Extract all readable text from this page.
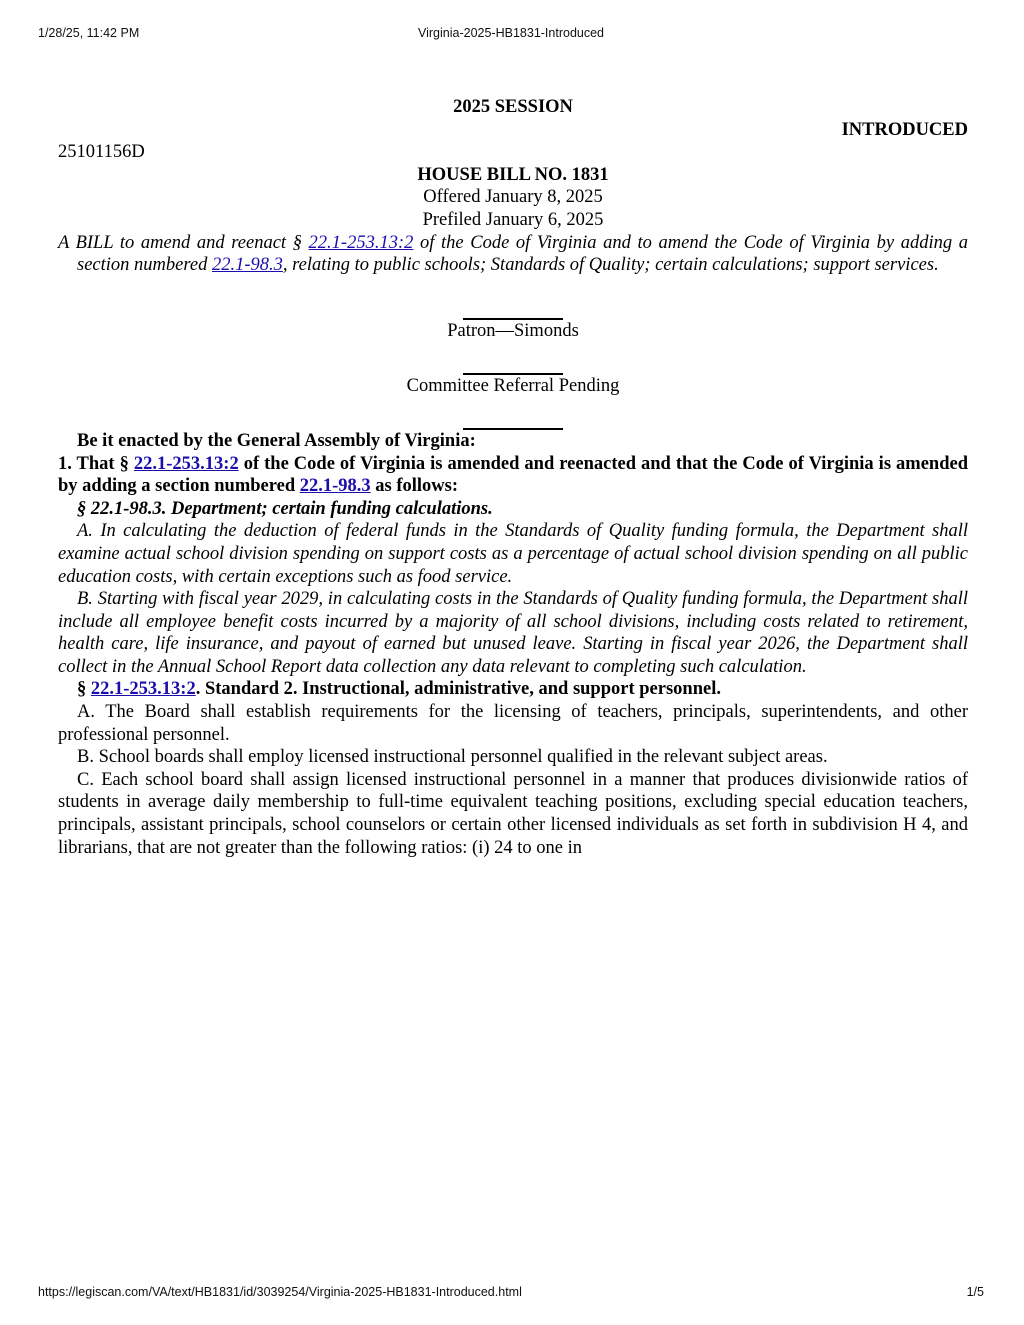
1/28/25, 11:42 PM	Virginia-2025-HB1831-Introduced

2025 SESSION

INTRODUCED

25101156D

HOUSE BILL NO. 1831

Offered January 8, 2025

Prefiled January 6, 2025

A BILL to amend and reenact § 22.1-253.13:2 of the Code of Virginia and to amend the Code of Virginia by adding a section numbered 22.1-98.3, relating to public schools; Standards of Quality; certain calculations; support services.

Patron—Simonds

Committee Referral Pending

Be it enacted by the General Assembly of Virginia:

1. That § 22.1-253.13:2 of the Code of Virginia is amended and reenacted and that the Code of Virginia is amended by adding a section numbered 22.1-98.3 as follows:

§ 22.1-98.3. Department; certain funding calculations.

A. In calculating the deduction of federal funds in the Standards of Quality funding formula, the Department shall examine actual school division spending on support costs as a percentage of actual school division spending on all public education costs, with certain exceptions such as food service.

B. Starting with fiscal year 2029, in calculating costs in the Standards of Quality funding formula, the Department shall include all employee benefit costs incurred by a majority of all school divisions, including costs related to retirement, health care, life insurance, and payout of earned but unused leave. Starting in fiscal year 2026, the Department shall collect in the Annual School Report data collection any data relevant to completing such calculation.

§ 22.1-253.13:2. Standard 2. Instructional, administrative, and support personnel.

A. The Board shall establish requirements for the licensing of teachers, principals, superintendents, and other professional personnel.

B. School boards shall employ licensed instructional personnel qualified in the relevant subject areas.

C. Each school board shall assign licensed instructional personnel in a manner that produces divisionwide ratios of students in average daily membership to full-time equivalent teaching positions, excluding special education teachers, principals, assistant principals, school counselors or certain other licensed individuals as set forth in subdivision H 4, and librarians, that are not greater than the following ratios: (i) 24 to one in

https://legiscan.com/VA/text/HB1831/id/3039254/Virginia-2025-HB1831-Introduced.html	1/5
